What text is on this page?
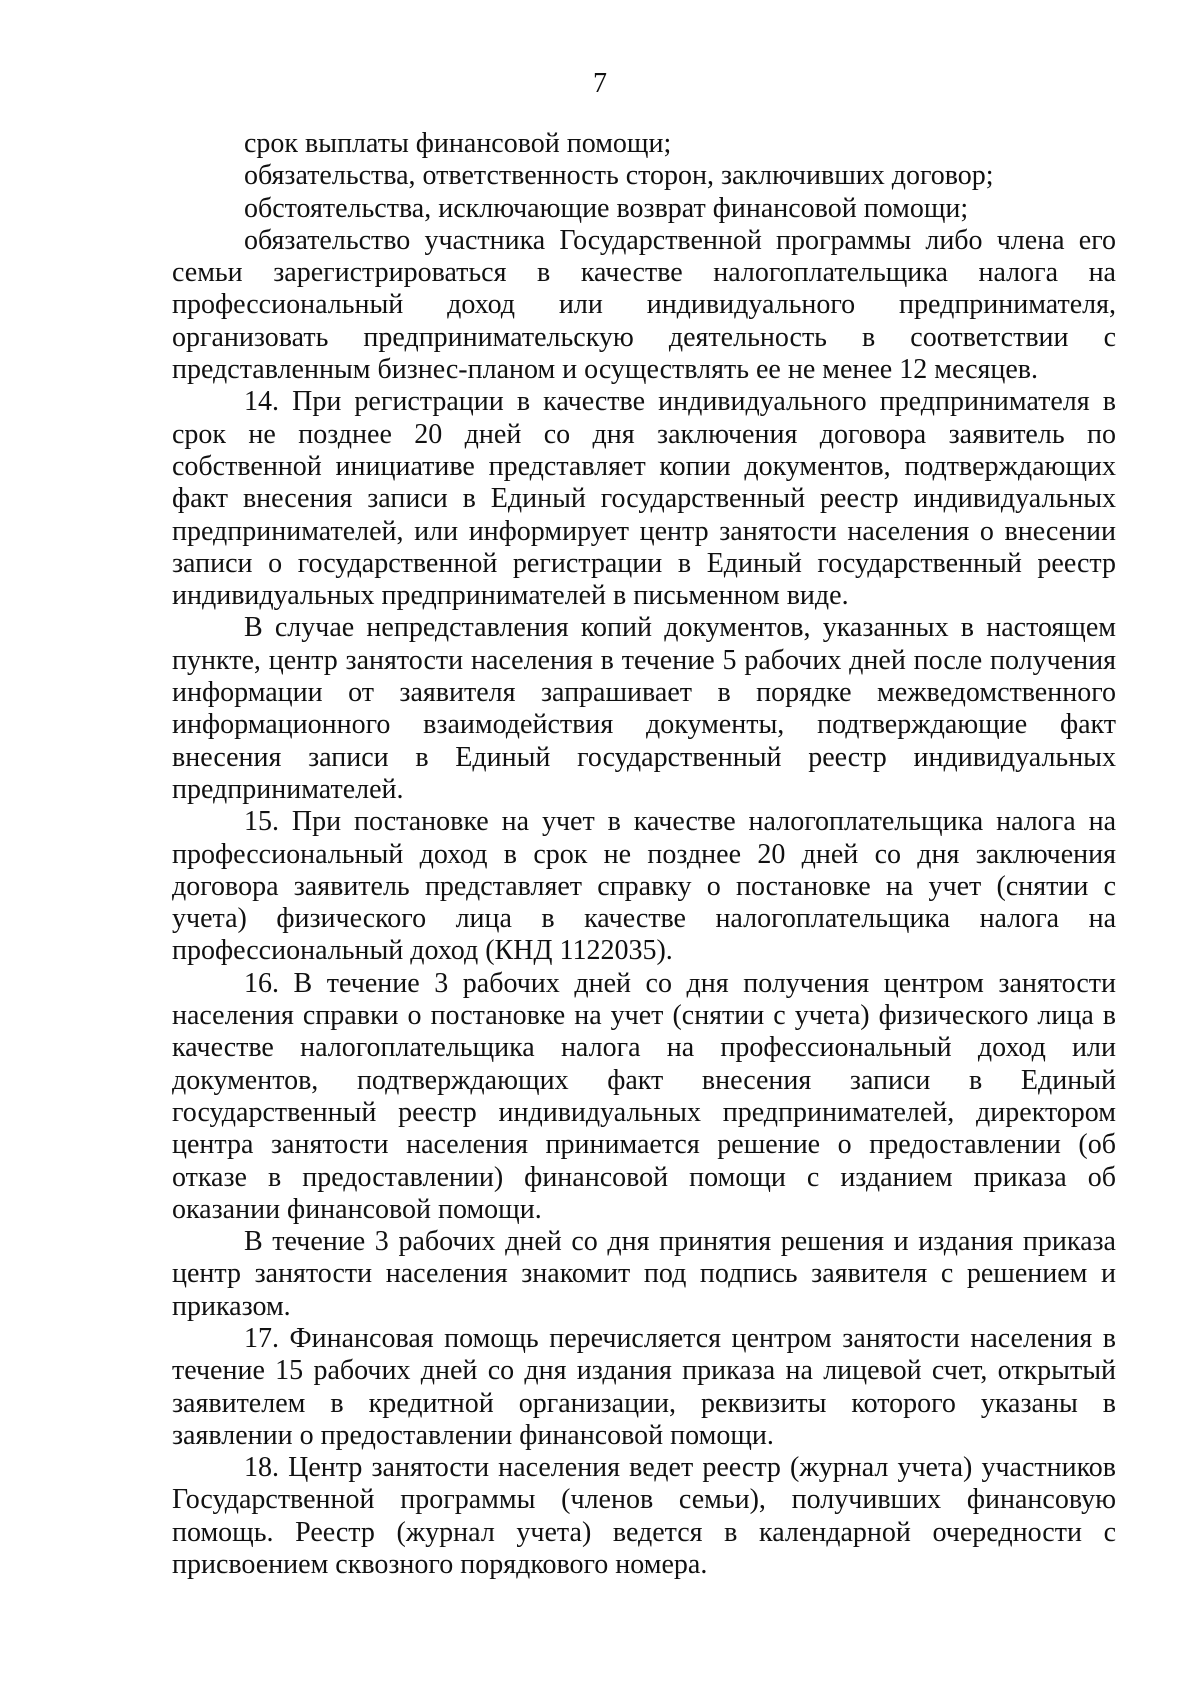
7

срок выплаты финансовой помощи;

обязательства, ответственность сторон, заключивших договор;

обстоятельства, исключающие возврат финансовой помощи;

обязательство участника Государственной программы либо члена его семьи зарегистрироваться в качестве налогоплательщика налога на профессиональный доход или индивидуального предпринимателя, организовать предпринимательскую деятельность в соответствии с представленным бизнес-планом и осуществлять ее не менее 12 месяцев.

14. При регистрации в качестве индивидуального предпринимателя в срок не позднее 20 дней со дня заключения договора заявитель по собственной инициативе представляет копии документов, подтверждающих факт внесения записи в Единый государственный реестр индивидуальных предпринимателей, или информирует центр занятости населения о внесении записи о государственной регистрации в Единый государственный реестр индивидуальных предпринимателей в письменном виде.

В случае непредставления копий документов, указанных в настоящем пункте, центр занятости населения в течение 5 рабочих дней после получения информации от заявителя запрашивает в порядке межведомственного информационного взаимодействия документы, подтверждающие факт внесения записи в Единый государственный реестр индивидуальных предпринимателей.

15. При постановке на учет в качестве налогоплательщика налога на профессиональный доход в срок не позднее 20 дней со дня заключения договора заявитель представляет справку о постановке на учет (снятии с учета) физического лица в качестве налогоплательщика налога на профессиональный доход (КНД 1122035).

16. В течение 3 рабочих дней со дня получения центром занятости населения справки о постановке на учет (снятии с учета) физического лица в качестве налогоплательщика налога на профессиональный доход или документов, подтверждающих факт внесения записи в Единый государственный реестр индивидуальных предпринимателей, директором центра занятости населения принимается решение о предоставлении (об отказе в предоставлении) финансовой помощи с изданием приказа об оказании финансовой помощи.

В течение 3 рабочих дней со дня принятия решения и издания приказа центр занятости населения знакомит под подпись заявителя с решением и приказом.

17. Финансовая помощь перечисляется центром занятости населения в течение 15 рабочих дней со дня издания приказа на лицевой счет, открытый заявителем в кредитной организации, реквизиты которого указаны в заявлении о предоставлении финансовой помощи.

18. Центр занятости населения ведет реестр (журнал учета) участников Государственной программы (членов семьи), получивших финансовую помощь. Реестр (журнал учета) ведется в календарной очередности с присвоением сквозного порядкового номера.
